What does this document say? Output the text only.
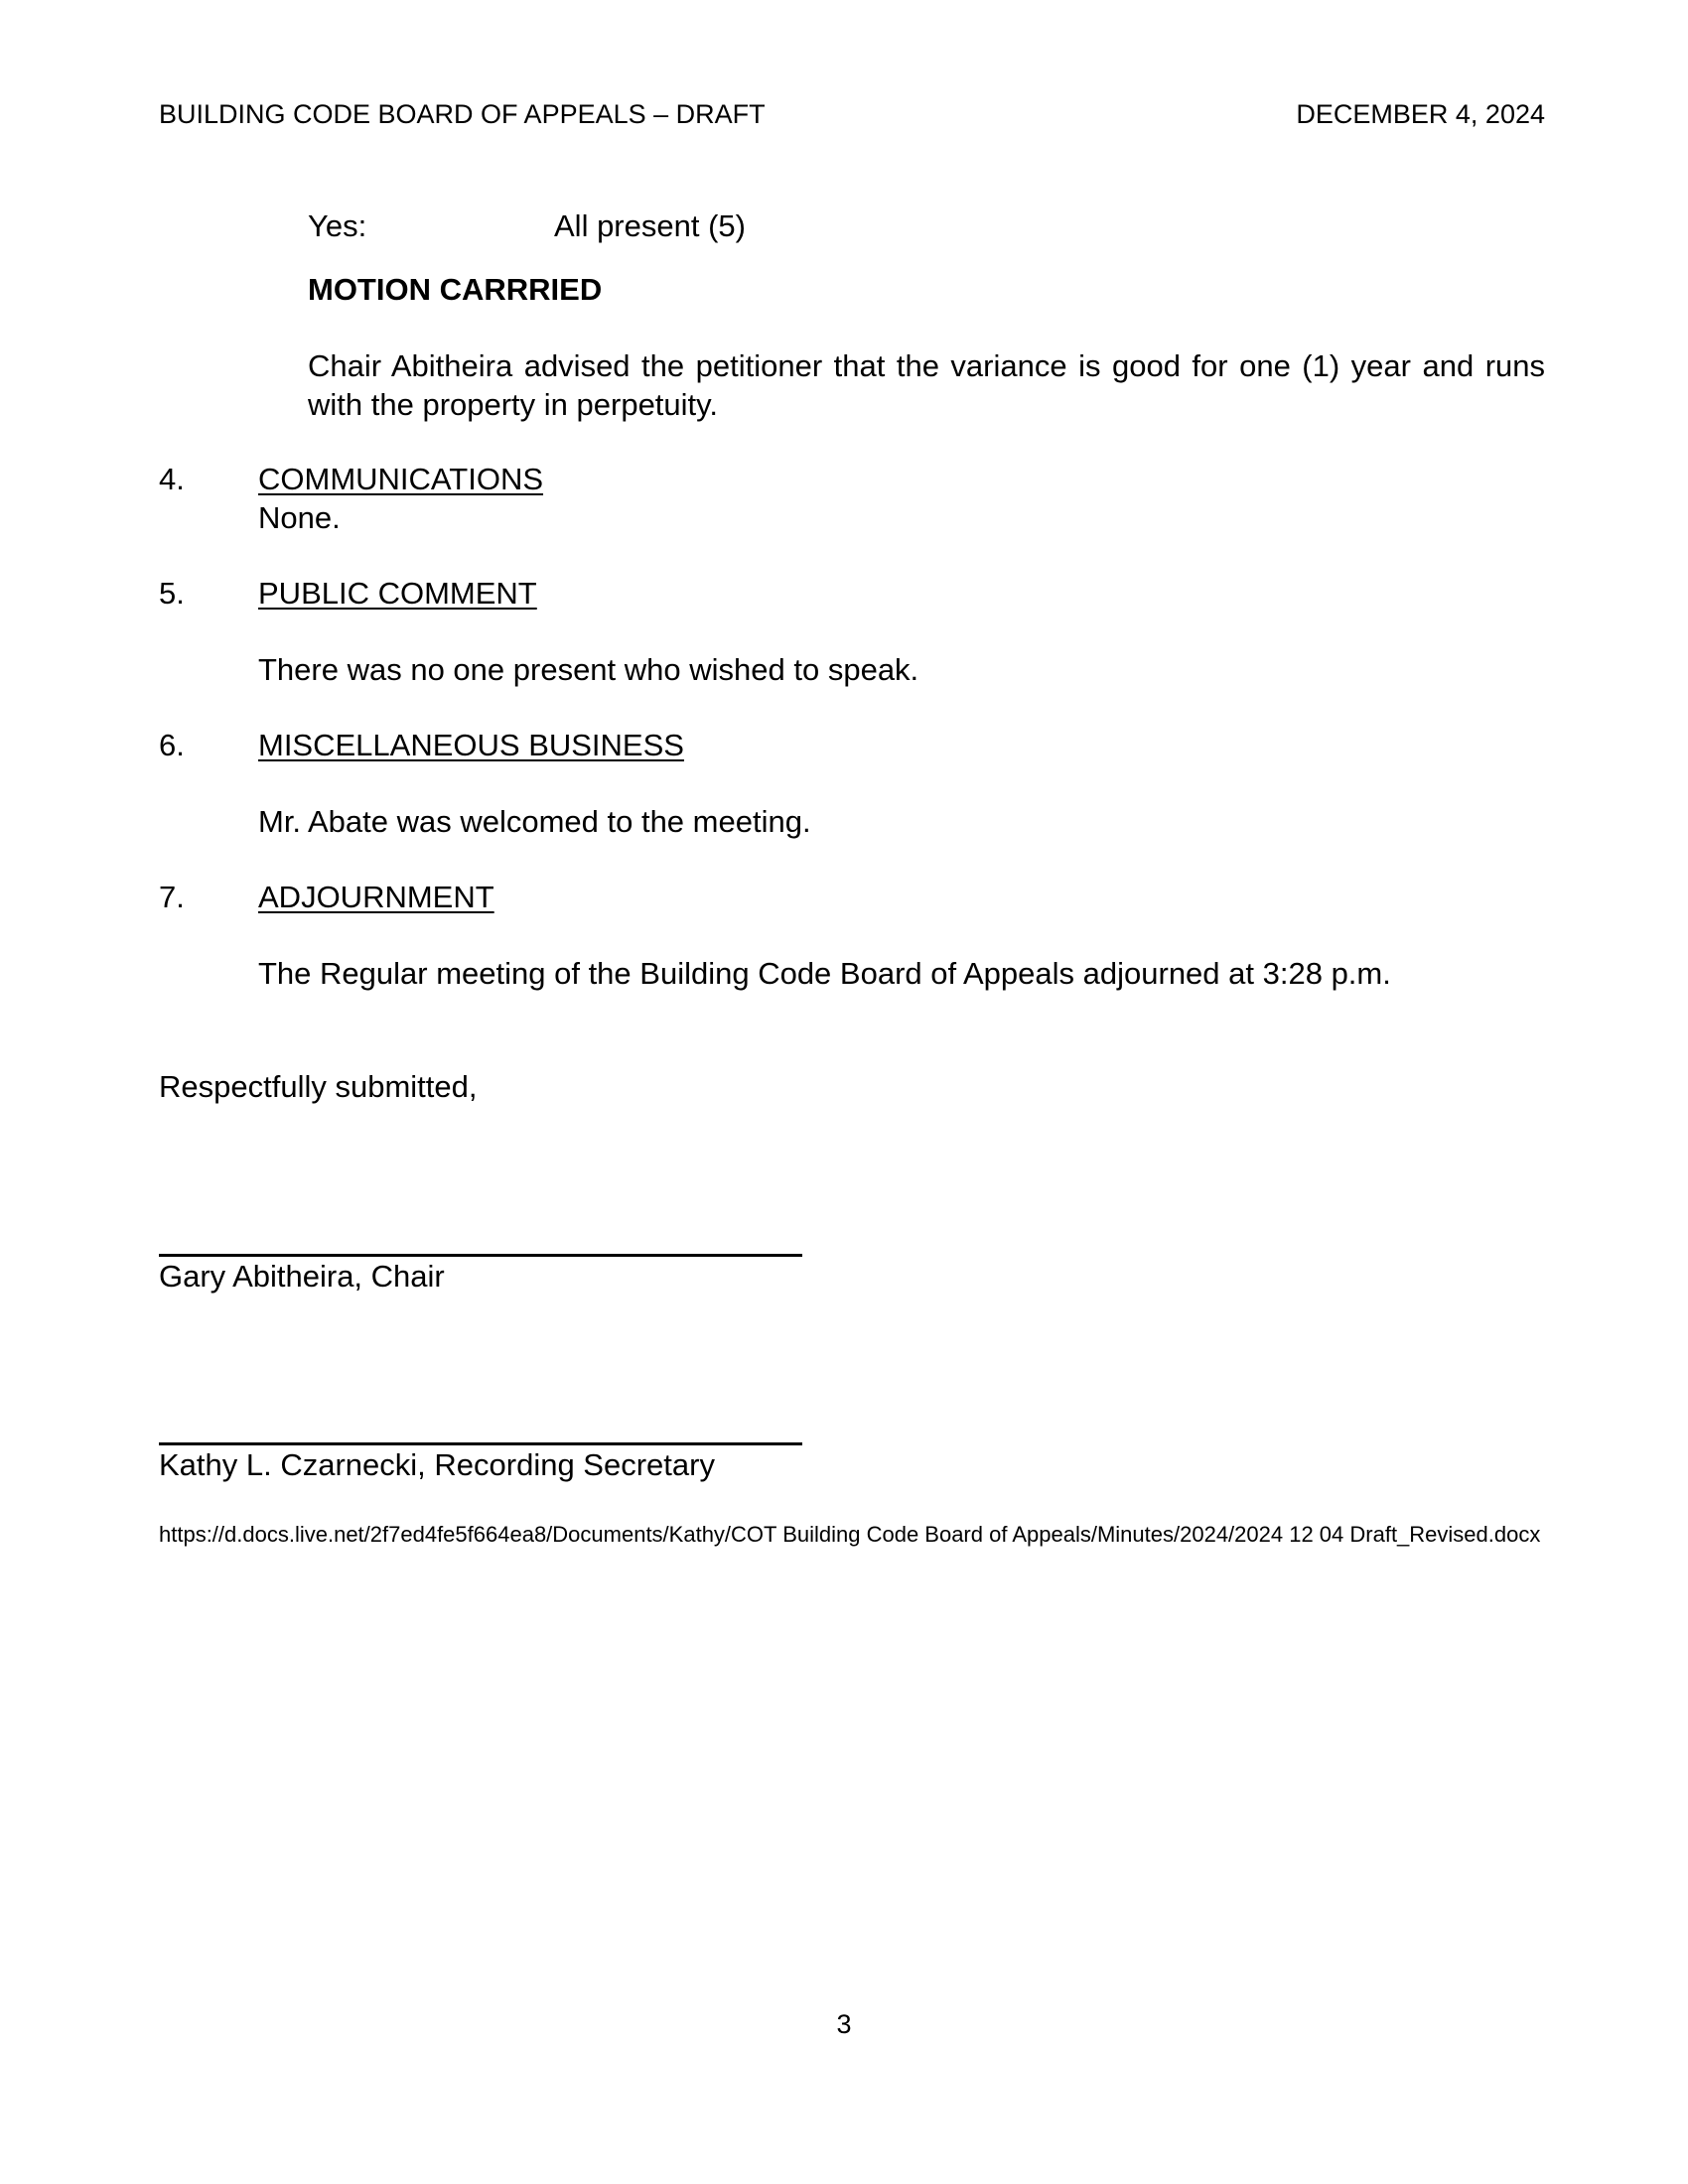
BUILDING CODE BOARD OF APPEALS – DRAFT	DECEMBER 4, 2024
Yes:	All present (5)
MOTION CARRRIED
Chair Abitheira advised the petitioner that the variance is good for one (1) year and runs with the property in perpetuity.
4. COMMUNICATIONS
None.
5. PUBLIC COMMENT
There was no one present who wished to speak.
6. MISCELLANEOUS BUSINESS
Mr. Abate was welcomed to the meeting.
7. ADJOURNMENT
The Regular meeting of the Building Code Board of Appeals adjourned at 3:28 p.m.
Respectfully submitted,
Gary Abitheira, Chair
Kathy L. Czarnecki, Recording Secretary
https://d.docs.live.net/2f7ed4fe5f664ea8/Documents/Kathy/COT Building Code Board of Appeals/Minutes/2024/2024 12 04 Draft_Revised.docx
3
